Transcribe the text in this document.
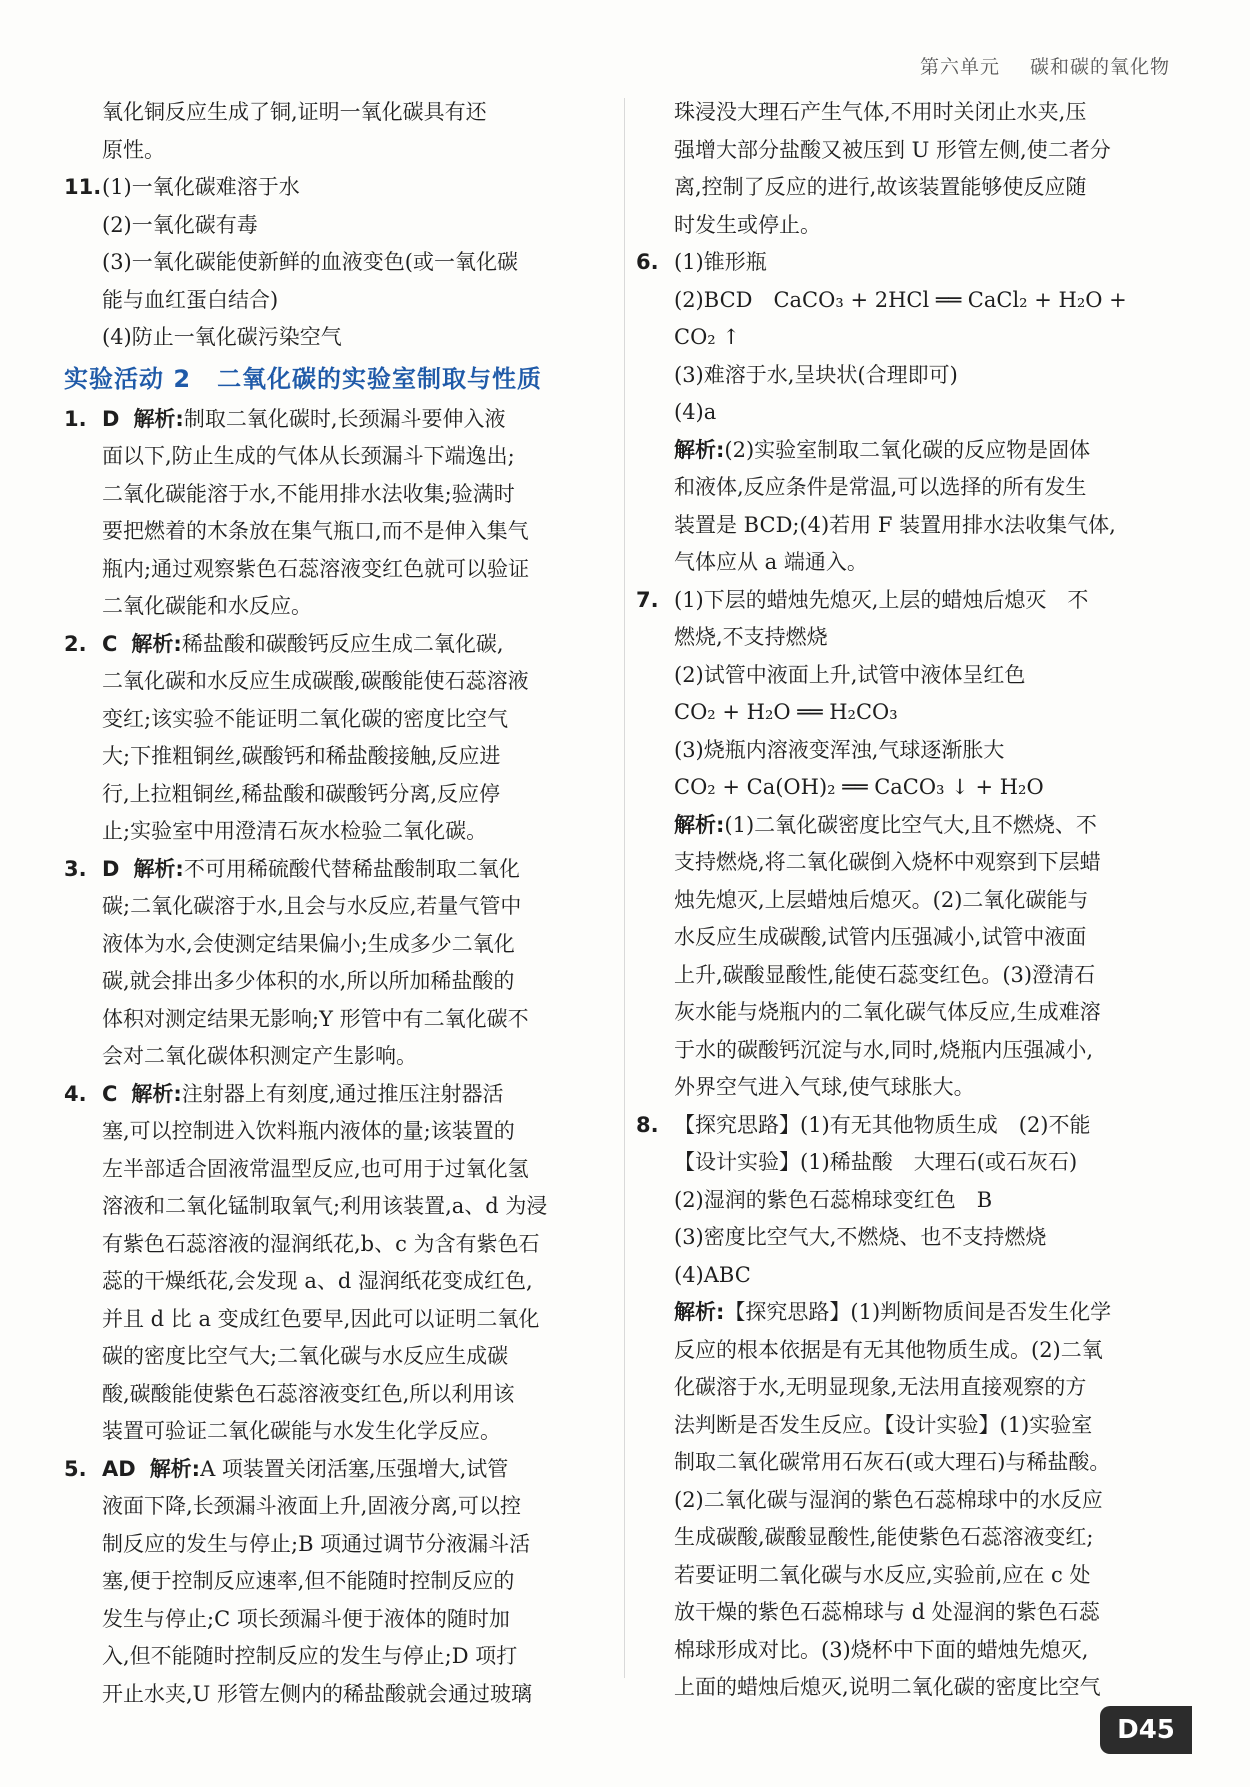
第六单元 碳和碳的氧化物
氧化铜反应生成了铜,证明一氧化碳具有还
原性。
11. (1)一氧化碳难溶于水
(2)一氧化碳有毒
(3)一氧化碳能使新鲜的血液变色(或一氧化碳
能与血红蛋白结合)
(4)防止一氧化碳污染空气
实验活动 2 二氧化碳的实验室制取与性质
1. D 解析:制取二氧化碳时,长颈漏斗要伸入液
面以下,防止生成的气体从长颈漏斗下端逸出;
二氧化碳能溶于水,不能用排水法收集;验满时
要把燃着的木条放在集气瓶口,而不是伸入集气
瓶内;通过观察紫色石蕊溶液变红色就可以验证
二氧化碳能和水反应。
2. C 解析:稀盐酸和碳酸钙反应生成二氧化碳,
二氧化碳和水反应生成碳酸,碳酸能使石蕊溶液
变红;该实验不能证明二氧化碳的密度比空气
大;下推粗铜丝,碳酸钙和稀盐酸接触,反应进
行,上拉粗铜丝,稀盐酸和碳酸钙分离,反应停
止;实验室中用澄清石灰水检验二氧化碳。
3. D 解析:不可用稀硫酸代替稀盐酸制取二氧化
碳;二氧化碳溶于水,且会与水反应,若量气管中
液体为水,会使测定结果偏小;生成多少二氧化
碳,就会排出多少体积的水,所以所加稀盐酸的
体积对测定结果无影响;Y 形管中有二氧化碳不
会对二氧化碳体积测定产生影响。
4. C 解析:注射器上有刻度,通过推压注射器活
塞,可以控制进入饮料瓶内液体的量;该装置的
左半部适合固液常温型反应,也可用于过氧化氢
溶液和二氧化锰制取氧气;利用该装置,a、d 为浸
有紫色石蕊溶液的湿润纸花,b、c 为含有紫色石
蕊的干燥纸花,会发现 a、d 湿润纸花变成红色,
并且 d 比 a 变成红色要早,因此可以证明二氧化
碳的密度比空气大;二氧化碳与水反应生成碳
酸,碳酸能使紫色石蕊溶液变红色,所以利用该
装置可验证二氧化碳能与水发生化学反应。
5. AD 解析:A 项装置关闭活塞,压强增大,试管
液面下降,长颈漏斗液面上升,固液分离,可以控
制反应的发生与停止;B 项通过调节分液漏斗活
塞,便于控制反应速率,但不能随时控制反应的
发生与停止;C 项长颈漏斗便于液体的随时加
入,但不能随时控制反应的发生与停止;D 项打
开止水夹,U 形管左侧内的稀盐酸就会通过玻璃
珠浸没大理石产生气体,不用时关闭止水夹,压
强增大部分盐酸又被压到 U 形管左侧,使二者分
离,控制了反应的进行,故该装置能够使反应随
时发生或停止。
6. (1)锥形瓶
(2)BCD　CaCO₃ + 2HCl ══ CaCl₂ + H₂O +
CO₂ ↑
(3)难溶于水,呈块状(合理即可)
(4)a
解析:(2)实验室制取二氧化碳的反应物是固体
和液体,反应条件是常温,可以选择的所有发生
装置是 BCD;(4)若用 F 装置用排水法收集气体,
气体应从 a 端通入。
7. (1)下层的蜡烛先熄灭,上层的蜡烛后熄灭　不
燃烧,不支持燃烧
(2)试管中液面上升,试管中液体呈红色
CO₂ + H₂O ══ H₂CO₃
(3)烧瓶内溶液变浑浊,气球逐渐胀大
CO₂ + Ca(OH)₂ ══ CaCO₃ ↓ + H₂O
解析:(1)二氧化碳密度比空气大,且不燃烧、不
支持燃烧,将二氧化碳倒入烧杯中观察到下层蜡
烛先熄灭,上层蜡烛后熄灭。(2)二氧化碳能与
水反应生成碳酸,试管内压强减小,试管中液面
上升,碳酸显酸性,能使石蕊变红色。(3)澄清石
灰水能与烧瓶内的二氧化碳气体反应,生成难溶
于水的碳酸钙沉淀与水,同时,烧瓶内压强减小,
外界空气进入气球,使气球胀大。
8. 【探究思路】(1)有无其他物质生成　(2)不能
【设计实验】(1)稀盐酸　大理石(或石灰石)
(2)湿润的紫色石蕊棉球变红色　B
(3)密度比空气大,不燃烧、也不支持燃烧
(4)ABC
解析:【探究思路】(1)判断物质间是否发生化学
反应的根本依据是有无其他物质生成。(2)二氧
化碳溶于水,无明显现象,无法用直接观察的方
法判断是否发生反应。【设计实验】(1)实验室
制取二氧化碳常用石灰石(或大理石)与稀盐酸。
(2)二氧化碳与湿润的紫色石蕊棉球中的水反应
生成碳酸,碳酸显酸性,能使紫色石蕊溶液变红;
若要证明二氧化碳与水反应,实验前,应在 c 处
放干燥的紫色石蕊棉球与 d 处湿润的紫色石蕊
棉球形成对比。(3)烧杯中下面的蜡烛先熄灭,
上面的蜡烛后熄灭,说明二氧化碳的密度比空气
D45
